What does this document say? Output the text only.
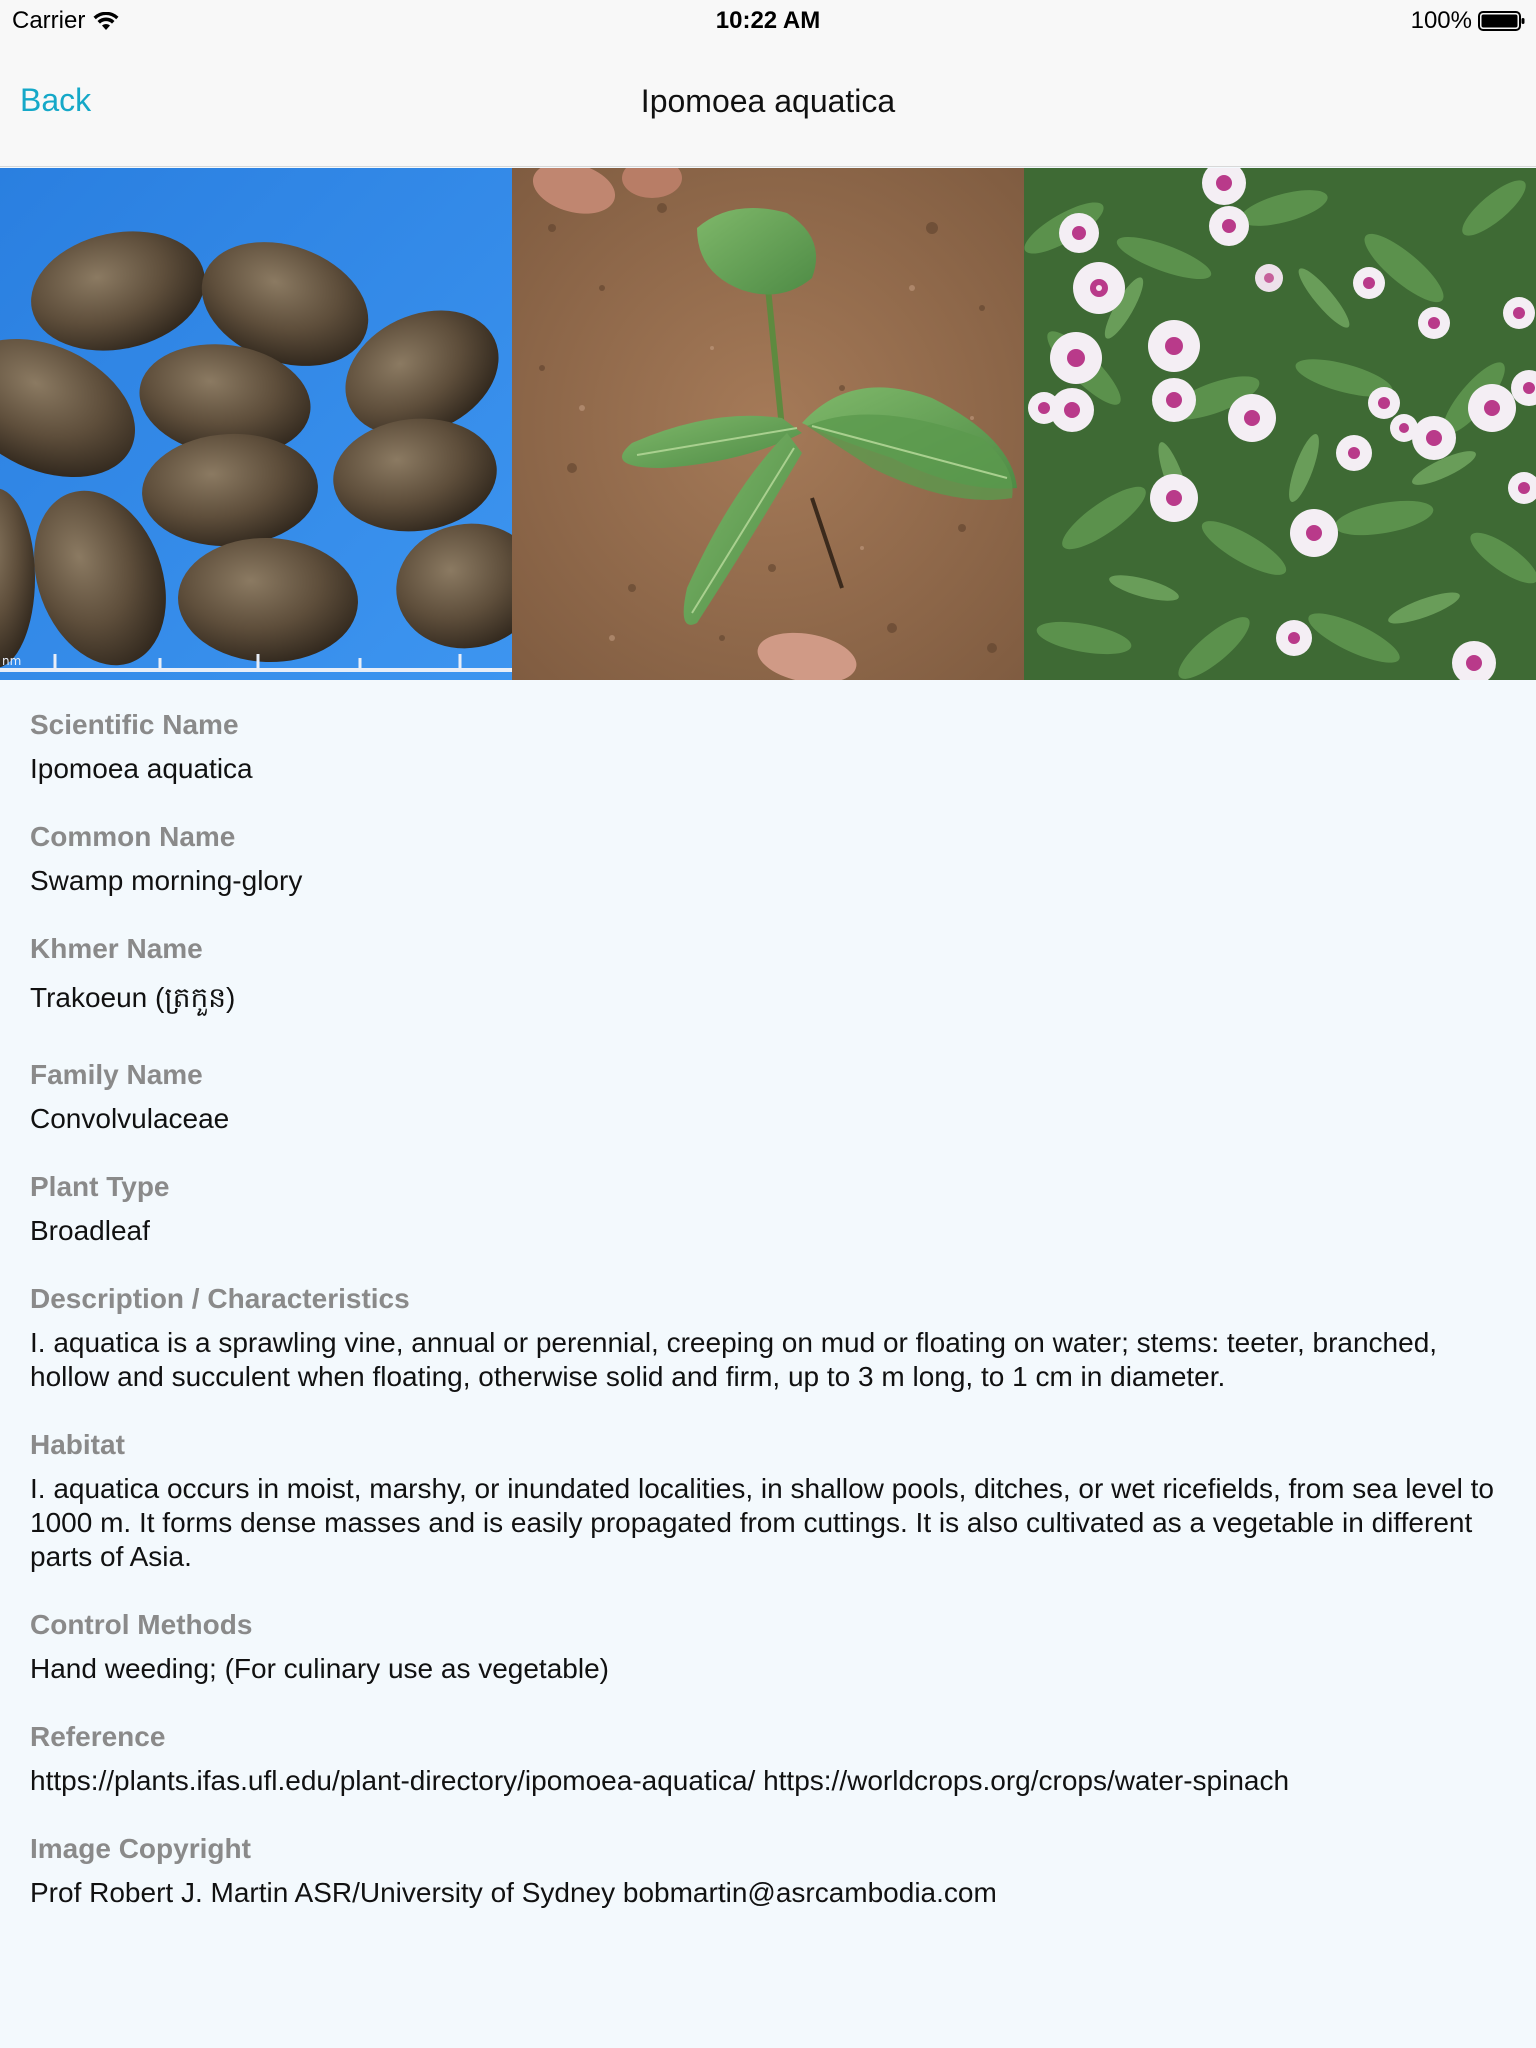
Carrier	10:22 AM	100%
Back	Ipomoea aquatica
nm
Scientific Name
Ipomoea aquatica
Common Name
Swamp morning-glory
Khmer Name
Trakoeun (ត្រកួន)
Family Name
Convolvulaceae
Plant Type
Broadleaf
Description / Characteristics
I. aquatica is a sprawling vine, annual or perennial, creeping on mud or floating on water; stems: teeter, branched, hollow and succulent when floating, otherwise solid and firm, up to 3 m long, to 1 cm in diameter.
Habitat
I. aquatica occurs in moist, marshy, or inundated localities, in shallow pools, ditches, or wet ricefields, from sea level to 1000 m. It forms dense masses and is easily propagated from cuttings. It is also cultivated as a vegetable in different parts of Asia.
Control Methods
Hand weeding; (For culinary use as vegetable)
Reference
https://plants.ifas.ufl.edu/plant-directory/ipomoea-aquatica/ https://worldcrops.org/crops/water-spinach
Image Copyright
Prof Robert J. Martin ASR/University of Sydney bobmartin@asrcambodia.com
